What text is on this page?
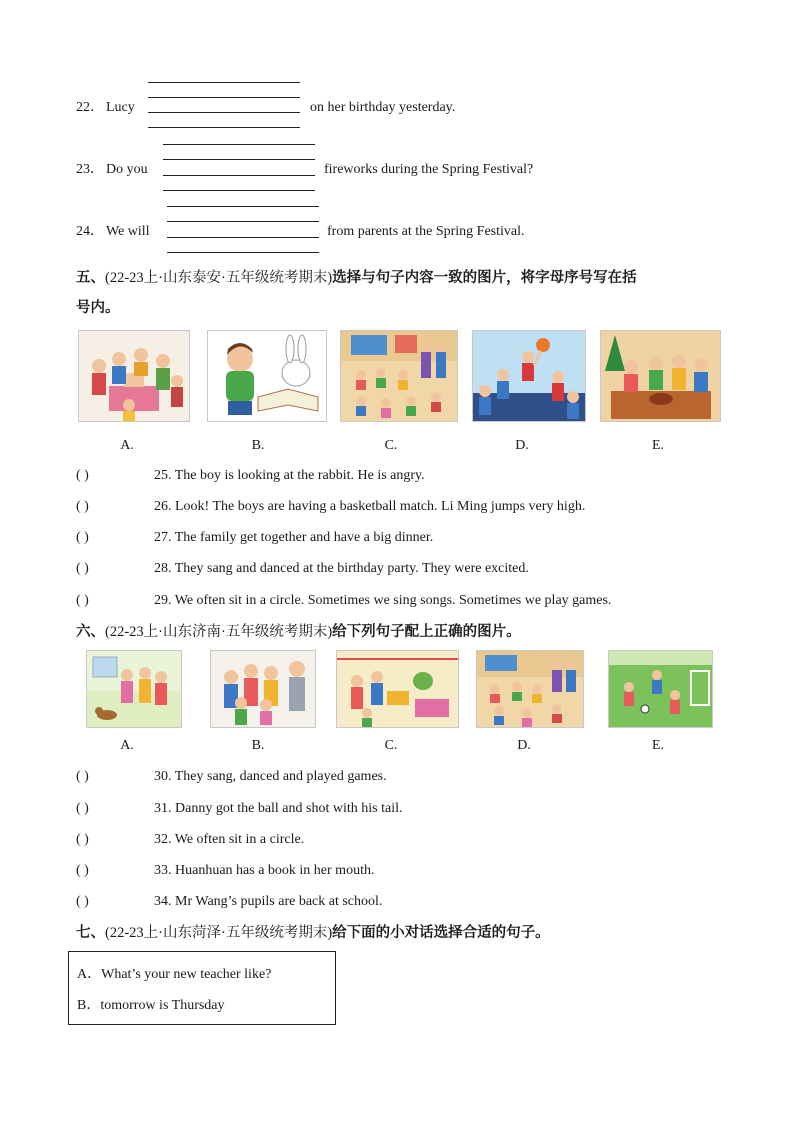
22． Lucy	on her birthday yesterday.
23． Do you	fireworks during the Spring Festival?
24． We will	from parents at the Spring Festival.
五、(22-23上·山东泰安·五年级统考期末)选择与句子内容一致的图片，将字母序号写在括
号内。
A.	B.	C.	D.	E.
( )	25. The boy is looking at the rabbit. He is angry.
( )	26. Look! The boys are having a basketball match. Li Ming jumps very high.
( )	27. The family get together and have a big dinner.
( )	28. They sang and danced at the birthday party. They were excited.
( )	29. We often sit in a circle. Sometimes we sing songs. Sometimes we play games.
六、(22-23上·山东济南·五年级统考期末)给下列句子配上正确的图片。
A.	B.	C.	D.	E.
( )	30. They sang, danced and played games.
( )	31. Danny got the ball and shot with his tail.
( )	32. We often sit in a circle.
( )	33. Huanhuan has a book in her mouth.
( )	34. Mr Wang’s pupils are back at school.
七、(22-23上·山东菏泽·五年级统考期末)给下面的小对话选择合适的句子。
A．What’s your new teacher like?
B．tomorrow is Thursday
